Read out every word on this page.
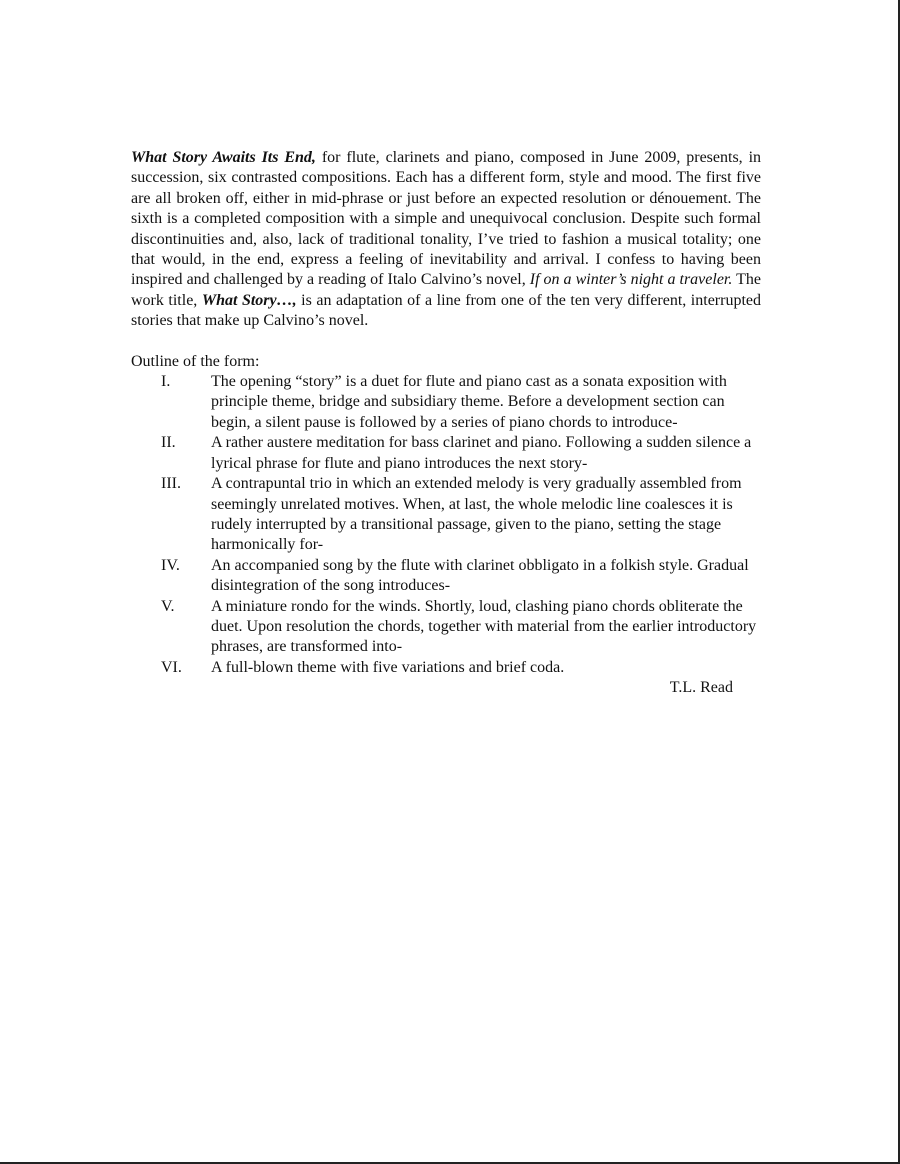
What Story Awaits Its End, for flute, clarinets and piano, composed in June 2009, presents, in succession, six contrasted compositions. Each has a different form, style and mood. The first five are all broken off, either in mid-phrase or just before an expected resolution or dénouement. The sixth is a completed composition with a simple and unequivocal conclusion. Despite such formal discontinuities and, also, lack of traditional tonality, I’ve tried to fashion a musical totality; one that would, in the end, express a feeling of inevitability and arrival. I confess to having been inspired and challenged by a reading of Italo Calvino’s novel, If on a winter’s night a traveler. The work title, What Story…, is an adaptation of a line from one of the ten very different, interrupted stories that make up Calvino’s novel.

Outline of the form:

I.	The opening “story” is a duet for flute and piano cast as a sonata exposition with principle theme, bridge and subsidiary theme. Before a development section can begin, a silent pause is followed by a series of piano chords to introduce-
II.	A rather austere meditation for bass clarinet and piano. Following a sudden silence a lyrical phrase for flute and piano introduces the next story-
III.	A contrapuntal trio in which an extended melody is very gradually assembled from seemingly unrelated motives. When, at last, the whole melodic line coalesces it is rudely interrupted by a transitional passage, given to the piano, setting the stage harmonically for-
IV.	An accompanied song by the flute with clarinet obbligato in a folkish style. Gradual disintegration of the song introduces-
V.	A miniature rondo for the winds. Shortly, loud, clashing piano chords obliterate the duet. Upon resolution the chords, together with material from the earlier introductory phrases, are transformed into-
VI.	A full-blown theme with five variations and brief coda.
T.L. Read
